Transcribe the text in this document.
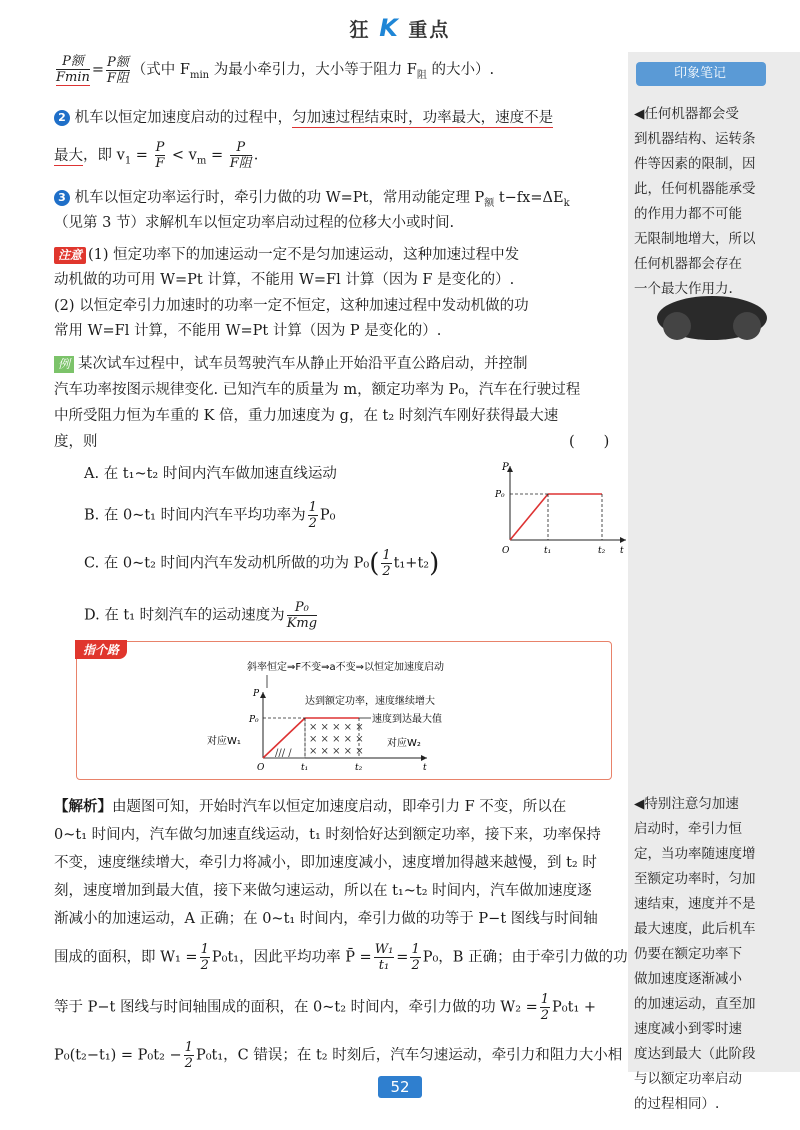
狂 K 重点
$\frac{\text{P额}}{Fmin} = \frac{\text{P额}}{\text{F阻}}$ （式中 $F_{min}$ 为最小牵引力，大小等于阻力 $F_阻$ 的大小）.
2 机车以恒定加速度启动的过程中，匀加速过程结束时，功率最大，速度不是
最大，即 $v_1 = \frac{P}{F} < v_m = \frac{P}{\text{F阻}}$ .
3 机车以恒定功率运行时，牵引力做的功 W=Pt，常用动能定理 $P_额$ $t-fx=\Delta E_k$
（见第 3 节）求解机车以恒定功率启动过程的位移大小或时间.
注意 (1) 恒定功率下的加速运动一定不是匀加速运动，这种加速过程中发
动机做的功可用 W=Pt 计算，不能用 W=Fl 计算（因为 F 是变化的）.
(2) 以恒定牵引力加速时的功率一定不恒定，这种加速过程中发动机做的功
常用 W=Fl 计算，不能用 W=Pt 计算（因为 P 是变化的）.
例 某次试车过程中，试车员驾驶汽车从静止开始沿平直公路启动，并控制
汽车功率按图示规律变化. 已知汽车的质量为 m，额定功率为 P₀，汽车在行驶过程
中所受阻力恒为车重的 K 倍，重力加速度为 g，在 t₂ 时刻汽车刚好获得最大速
度，则	(　　)
A. 在 t₁~t₂ 时间内汽车做加速直线运动
B. 在 0~t₁ 时间内汽车平均功率为 $\frac{1}{2} P_0$
C. 在 0~t₂ 时间内汽车发动机所做的功为 $P_0( \frac{1}{2} t_1+t_2)$
D. 在 t₁ 时刻汽车的运动速度为 $\frac{\text{P₀}}{\text{Kmg}}$
P
P₀
O	t₁	t₂ t
【解析】由题图可知，开始时汽车以恒定加速度启动，即牵引力 F 不变，所以在
0~t₁ 时间内，汽车做匀加速直线运动，t₁ 时刻恰好达到额定功率，接下来，功率保持
不变，速度继续增大，牵引力将减小，即加速度减小，速度增加得越来越慢，到 t₂ 时
刻，速度增加到最大值，接下来做匀速运动，所以在 t₁~t₂ 时间内，汽车做加速度逐
渐减小的加速运动，A 正确；在 0~t₁ 时间内，牵引力做的功等于 P−t 图线与时间轴
围成的面积，即 $W_1 = \frac{1}{2} P_0t_1$，因此平均功率 P̄ = $\frac{\text{W₁}}{\text{t₁}} = \frac{1}{2} P_0$，B 正确；由于牵引力做的功
等于 P−t 图线与时间轴围成的面积，在 0~t₂ 时间内，牵引力做的功 $W_2 = \frac{1}{2} P_0t_1$ +
$P_0(t_2-t_1) = P_0t_2 - \frac{1}{2} P_0t_1$，C 错误；在 t₂ 时刻后，汽车匀速运动，牵引力和阻力大小相
指个路
斜率恒定⇒F不变⇒a不变⇒以恒定加速度启动
× × × × ×
× × × × ×
× × × × ×
/// /
达到额定功率，速度继续增大
速度到达最大值
对应W₁	对应W₂
P
P₀
O	t₁	t₂	t
印象笔记
◀任何机器都会受
到机器结构、运转条
件等因素的限制，因
此，任何机器能承受
的作用力都不可能
无限制地增大，所以
任何机器都会存在
一个最大作用力.
◀特别注意匀加速
启动时，牵引力恒
定，当功率随速度增
至额定功率时，匀加
速结束，速度并不是
最大速度，此后机车
仍要在额定功率下
做加速度逐渐减小
的加速运动，直至加
速度减小到零时速
度达到最大（此阶段
与以额定功率启动
的过程相同）.
52
